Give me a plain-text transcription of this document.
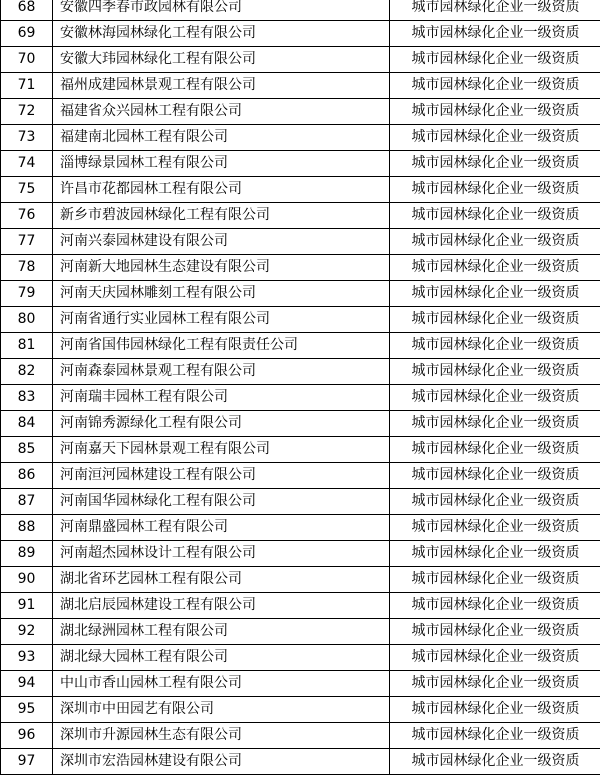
68	安徽四季春市政园林有限公司	城市园林绿化企业一级资质
69	安徽林海园林绿化工程有限公司	城市园林绿化企业一级资质
70	安徽大玮园林绿化工程有限公司	城市园林绿化企业一级资质
71	福州成建园林景观工程有限公司	城市园林绿化企业一级资质
72	福建省众兴园林工程有限公司	城市园林绿化企业一级资质
73	福建南北园林工程有限公司	城市园林绿化企业一级资质
74	淄博绿景园林工程有限公司	城市园林绿化企业一级资质
75	许昌市花都园林工程有限公司	城市园林绿化企业一级资质
76	新乡市碧波园林绿化工程有限公司	城市园林绿化企业一级资质
77	河南兴泰园林建设有限公司	城市园林绿化企业一级资质
78	河南新大地园林生态建设有限公司	城市园林绿化企业一级资质
79	河南天庆园林雕刻工程有限公司	城市园林绿化企业一级资质
80	河南省通行实业园林工程有限公司	城市园林绿化企业一级资质
81	河南省国伟园林绿化工程有限责任公司	城市园林绿化企业一级资质
82	河南森泰园林景观工程有限公司	城市园林绿化企业一级资质
83	河南瑞丰园林工程有限公司	城市园林绿化企业一级资质
84	河南锦秀源绿化工程有限公司	城市园林绿化企业一级资质
85	河南嘉天下园林景观工程有限公司	城市园林绿化企业一级资质
86	河南洹河园林建设工程有限公司	城市园林绿化企业一级资质
87	河南国华园林绿化工程有限公司	城市园林绿化企业一级资质
88	河南鼎盛园林工程有限公司	城市园林绿化企业一级资质
89	河南超杰园林设计工程有限公司	城市园林绿化企业一级资质
90	湖北省环艺园林工程有限公司	城市园林绿化企业一级资质
91	湖北启辰园林建设工程有限公司	城市园林绿化企业一级资质
92	湖北绿洲园林工程有限公司	城市园林绿化企业一级资质
93	湖北绿大园林工程有限公司	城市园林绿化企业一级资质
94	中山市香山园林工程有限公司	城市园林绿化企业一级资质
95	深圳市中田园艺有限公司	城市园林绿化企业一级资质
96	深圳市升源园林生态有限公司	城市园林绿化企业一级资质
97	深圳市宏浩园林建设有限公司	城市园林绿化企业一级资质
